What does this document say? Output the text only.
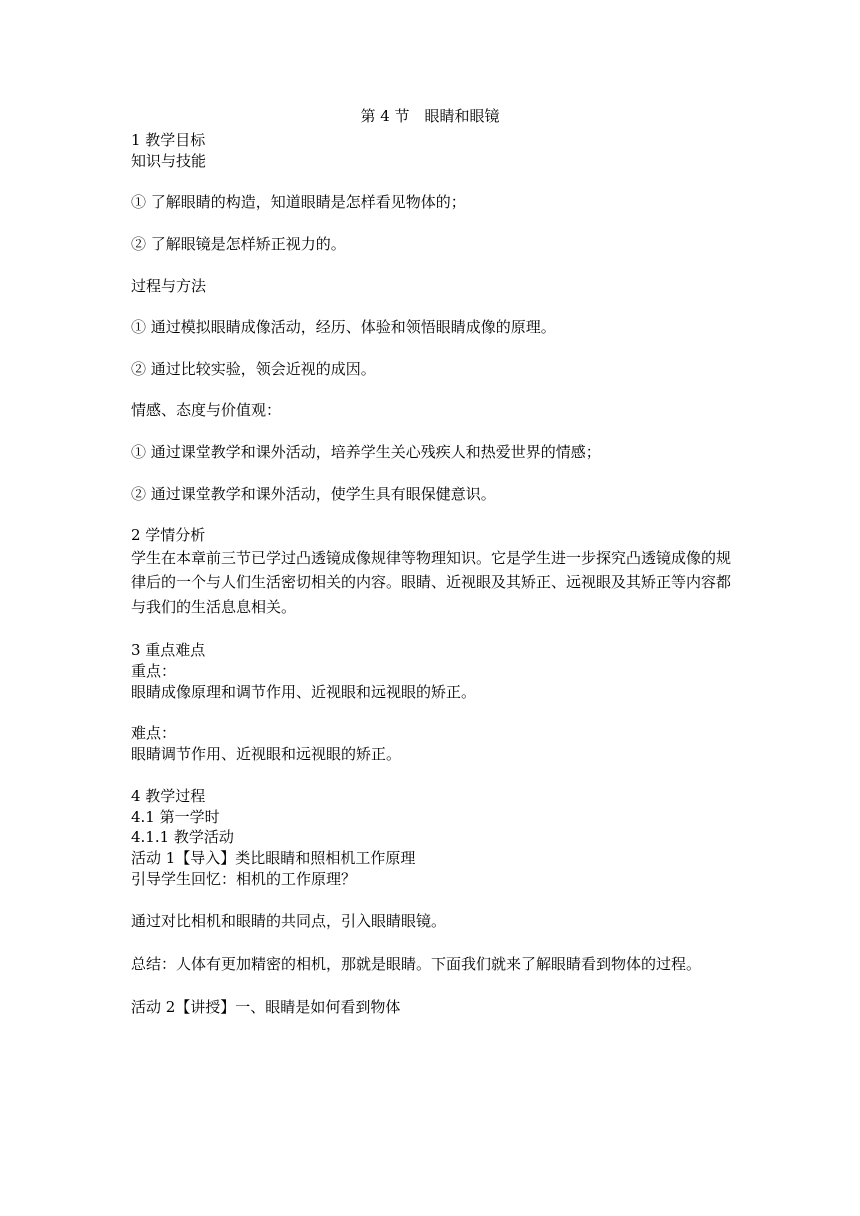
第 4 节　眼睛和眼镜

1 教学目标

知识与技能

① 了解眼睛的构造，知道眼睛是怎样看见物体的；

② 了解眼镜是怎样矫正视力的。

过程与方法

① 通过模拟眼睛成像活动，经历、体验和领悟眼睛成像的原理。

② 通过比较实验，领会近视的成因。

情感、态度与价值观：

① 通过课堂教学和课外活动，培养学生关心残疾人和热爱世界的情感；

② 通过课堂教学和课外活动，使学生具有眼保健意识。

2 学情分析

学生在本章前三节已学过凸透镜成像规律等物理知识。它是学生进一步探究凸透镜成像的规律后的一个与人们生活密切相关的内容。眼睛、近视眼及其矫正、远视眼及其矫正等内容都与我们的生活息息相关。

3 重点难点

重点：

眼睛成像原理和调节作用、近视眼和远视眼的矫正。

难点：

眼睛调节作用、近视眼和远视眼的矫正。

4 教学过程

4.1 第一学时

4.1.1 教学活动

活动 1【导入】类比眼睛和照相机工作原理

引导学生回忆：相机的工作原理？

通过对比相机和眼睛的共同点，引入眼睛眼镜。

总结：人体有更加精密的相机，那就是眼睛。下面我们就来了解眼睛看到物体的过程。

活动 2【讲授】一、眼睛是如何看到物体
